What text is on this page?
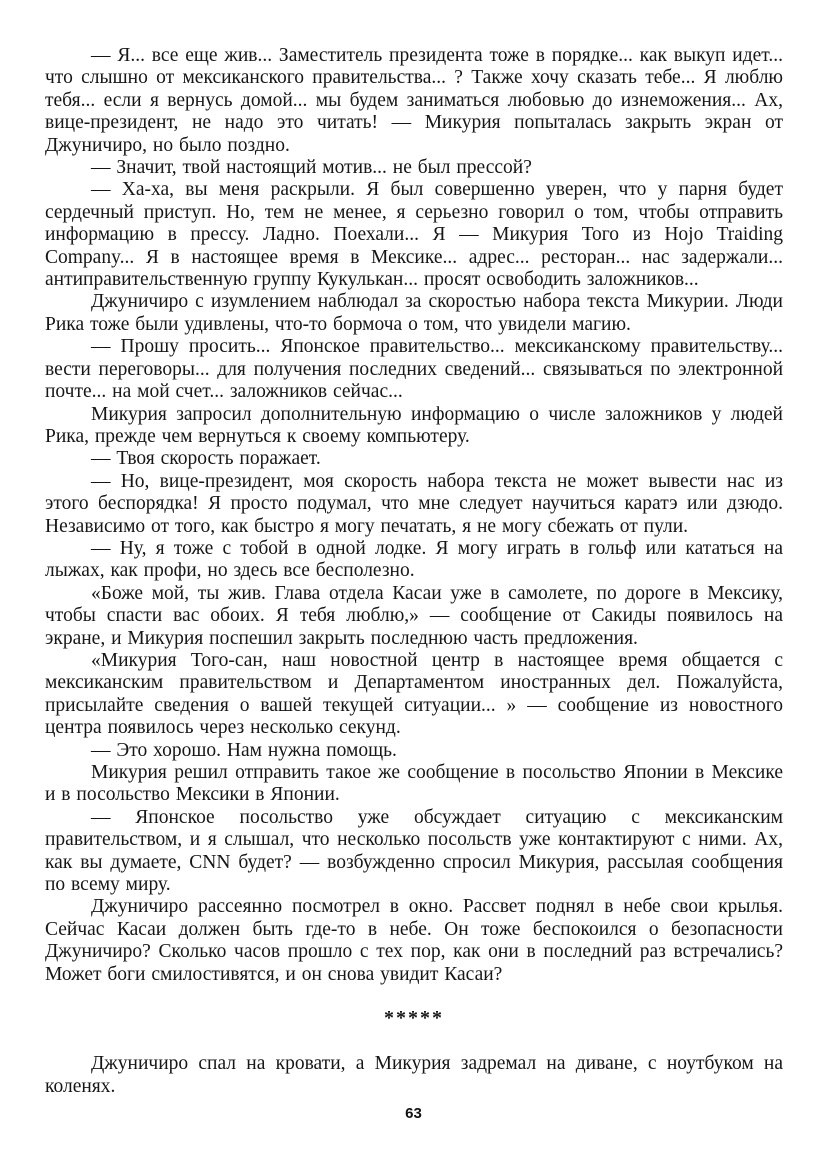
— Я... все еще жив... Заместитель президента тоже в порядке... как выкуп идет... что слышно от мексиканского правительства... ? Также хочу сказать тебе... Я люблю тебя... если я вернусь домой... мы будем заниматься любовью до изнеможения... Ах, вице-президент, не надо это читать! — Микурия попыталась закрыть экран от Джуничиро, но было поздно.

— Значит, твой настоящий мотив... не был прессой?

— Ха-ха, вы меня раскрыли. Я был совершенно уверен, что у парня будет сердечный приступ. Но, тем не менее, я серьезно говорил о том, чтобы отправить информацию в прессу. Ладно. Поехали... Я — Микурия Того из Hojo Traiding Company... Я в настоящее время в Мексике... адрес... ресторан... нас задержали... антиправительственную группу Кукулькан... просят освободить заложников...

Джуничиро с изумлением наблюдал за скоростью набора текста Микурии. Люди Рика тоже были удивлены, что-то бормоча о том, что увидели магию.

— Прошу просить... Японское правительство... мексиканскому правительству... вести переговоры... для получения последних сведений... связываться по электронной почте... на мой счет... заложников сейчас...

Микурия запросил дополнительную информацию о числе заложников у людей Рика, прежде чем вернуться к своему компьютеру.

— Твоя скорость поражает.

— Но, вице-президент, моя скорость набора текста не может вывести нас из этого беспорядка! Я просто подумал, что мне следует научиться каратэ или дзюдо. Независимо от того, как быстро я могу печатать, я не могу сбежать от пули.

— Ну, я тоже с тобой в одной лодке. Я могу играть в гольф или кататься на лыжах, как профи, но здесь все бесполезно.

«Боже мой, ты жив. Глава отдела Касаи уже в самолете, по дороге в Мексику, чтобы спасти вас обоих. Я тебя люблю,» — сообщение от Сакиды появилось на экране, и Микурия поспешил закрыть последнюю часть предложения.

«Микурия Того-сан, наш новостной центр в настоящее время общается с мексиканским правительством и Департаментом иностранных дел. Пожалуйста, присылайте сведения о вашей текущей ситуации... » — сообщение из новостного центра появилось через несколько секунд.

— Это хорошо. Нам нужна помощь.

Микурия решил отправить такое же сообщение в посольство Японии в Мексике и в посольство Мексики в Японии.

— Японское посольство уже обсуждает ситуацию с мексиканским правительством, и я слышал, что несколько посольств уже контактируют с ними. Ах, как вы думаете, CNN будет? — возбужденно спросил Микурия, рассылая сообщения по всему миру.

Джуничиро рассеянно посмотрел в окно. Рассвет поднял в небе свои крылья. Сейчас Касаи должен быть где-то в небе. Он тоже беспокоился о безопасности Джуничиро? Сколько часов прошло с тех пор, как они в последний раз встречались? Может боги смилостивятся, и он снова увидит Касаи?

*****

Джуничиро спал на кровати, а Микурия задремал на диване, с ноутбуком на коленях.

63
